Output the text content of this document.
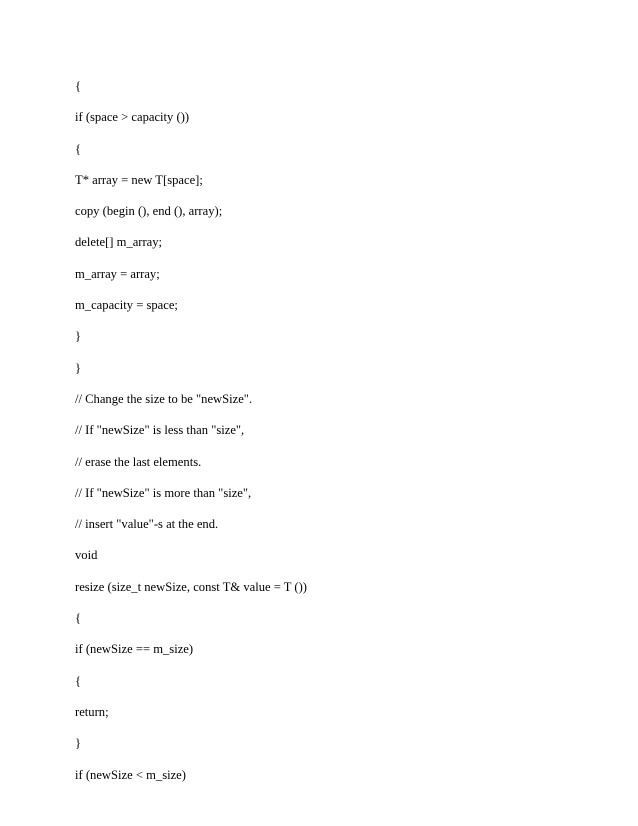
{
if (space > capacity ())
{
T* array = new T[space];
copy (begin (), end (), array);
delete[] m_array;
m_array = array;
m_capacity = space;
}
}
// Change the size to be "newSize".
// If "newSize" is less than "size",
// erase the last elements.
// If "newSize" is more than "size",
// insert "value"-s at the end.
void
resize (size_t newSize, const T& value = T ())
{
if (newSize == m_size)
{
return;
}
if (newSize < m_size)
